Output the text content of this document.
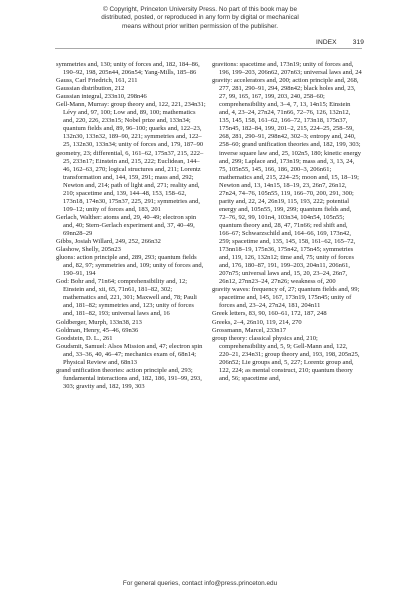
© Copyright, Princeton University Press. No part of this book may be
distributed, posted, or reproduced in any form by digital or mechanical
means without prior written permission of the publisher.
INDEX 319

symmetries and, 130; unity of forces and, 182, 184–86, 190–92, 198, 205n44, 206n54; Yang-Mills, 185–86

Gauss, Carl Friedrich, 161, 211

Gaussian distribution, 212

Gaussian integral, 233n10, 298n46

Gell-Mann, Murray: group theory and, 122, 221, 234n31; Lévy and, 97, 100; Low and, 89, 100; mathematics and, 220, 226, 233n15; Nobel prize and, 133n34; quantum fields and, 89, 96–100; quarks and, 122–23, 132n30, 133n32, 189–90, 221; symmetries and, 122–25, 132n30, 133n34; unity of forces and, 179, 187–90

geometry, 23; differential, 6, 161–62, 175n37, 215, 222–25, 233n17; Einstein and, 215, 222; Euclidean, 144–46, 162–63, 270; logical structures and, 211; Lorentz transformation and, 144, 159, 291; mass and, 292; Newton and, 214; path of light and, 271; reality and, 210; spacetime and, 139, 144–48, 153, 158–62, 173n18, 174n30, 175n37, 225, 291; symmetries and, 109–12; unity of forces and, 183, 201

Gerlach, Walther: atoms and, 29, 40–49; electron spin and, 40; Stern-Gerlach experiment and, 37, 40–49, 69nn28–29

Gibbs, Josiah Willard, 249, 252, 266n32

Glashow, Shelly, 205n23

gluons: action principle and, 289, 293; quantum fields and, 82, 97; symmetries and, 109; unity of forces and, 190–91, 194

God: Bohr and, 71n64; comprehensibility and, 12; Einstein and, xii, 65, 71n61, 181–82, 302; mathematics and, 221, 301; Maxwell and, 78; Pauli and, 181–82; symmetries and, 123; unity of forces and, 181–82, 193; universal laws and, 16

Goldberger, Murph, 133n38, 213

Goldman, Henry, 45–46, 69n36

Goodstein, D. L., 261

Goudsmit, Samuel: Alsos Mission and, 47; electron spin and, 33–36, 40, 46–47; mechanics exam of, 68n14; Physical Review and, 68n13

grand unification theories: action principle and, 293; fundamental interactions and, 182, 186, 191–99, 293, 303; gravity and, 182, 199, 303

gravitons: spacetime and, 173n19; unity of forces and, 196, 199–203, 206n62, 207n63; universal laws and, 24

gravity: accelerators and, 200; action principle and, 268, 277, 281, 290–91, 294, 298n42; black holes and, 23, 27, 99, 165, 167, 199, 203, 240, 258–60; comprehensibility and, 3–4, 7, 13, 14n15; Einstein and, 4, 23–24, 27n24, 71n66, 72–76, 126, 132n12, 135, 145, 158, 161–62, 166–72, 173n18, 175n37, 175n45, 182–84, 199, 201–2, 215, 224–25, 258–59, 268, 281, 290–91, 298n42, 302–3; entropy and, 240, 258–60; grand unification theories and, 182, 199, 303; inverse square law and, 25, 102n5, 180; kinetic energy and, 299; Laplace and, 173n19; mass and, 3, 13, 24, 75, 105n55, 145, 166, 186, 200–3, 206n61; mathematics and, 215, 224–25; moon and, 15, 18–19; Newton and, 13, 14n15, 18–19, 23, 26n7, 26n12, 27n24, 74–76, 105n55, 119, 166–70, 200, 291, 300; parity and, 22, 24, 26n19, 115, 193, 222; potential energy and, 105n55, 199, 299; quantum fields and, 72–76, 92, 99, 101n4, 103n34, 104n54, 105n55; quantum theory and, 28, 47, 71n66; red shift and, 166–67; Schwarzschild and, 164–66, 169, 173n42, 259; spacetime and, 135, 145, 158, 161–62, 165–72, 173nn18–19, 175n36, 175n42, 175n45; symmetries and, 119, 126, 132n12; time and, 75; unity of forces and, 176, 180–87, 191, 199–203, 204n11, 206n61, 207n75; universal laws and, 15, 20, 23–24, 26n7, 26n12, 27nn23–24, 27n26; weakness of, 200

gravity waves: frequency of, 27; quantum fields and, 99; spacetime and, 145, 167, 173n19, 175n45; unity of forces and, 23–24, 27n24, 181, 204n11

Greek letters, 83, 90, 160–61, 172, 187, 248

Greeks, 2–4, 26n10, 119, 214, 270

Grossmann, Marcel, 233n17

group theory: classical physics and, 210; comprehensibility and, 5, 9; Gell-Mann and, 122, 220–21, 234n31; group theory and, 193, 198, 205n25, 206n52; Lie groups and, 5, 227; Lorentz group and, 122, 224; as mental construct, 210; quantum theory and, 56; spacetime and,

For general queries, contact info@press.princeton.edu
